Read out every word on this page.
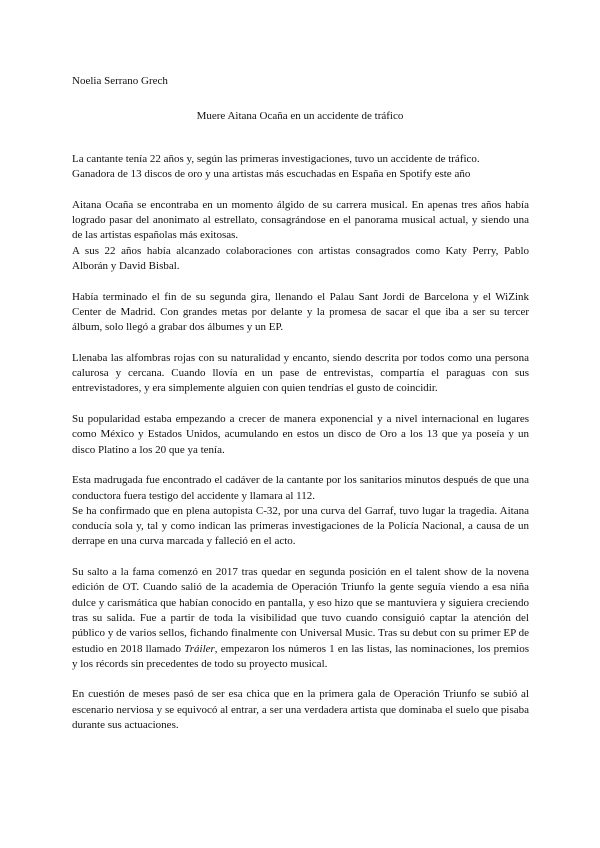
Noelia Serrano Grech
Muere Aitana Ocaña en un accidente de tráfico

La cantante tenía 22 años y, según las primeras investigaciones, tuvo un accidente de tráfico.
Ganadora de 13 discos de oro y una artistas más escuchadas en España en Spotify este año

Aitana Ocaña se encontraba en un momento álgido de su carrera musical. En apenas tres años había logrado pasar del anonimato al estrellato, consagrándose en el panorama musical actual, y siendo una de las artistas españolas más exitosas.
A sus 22 años había alcanzado colaboraciones con artistas consagrados como Katy Perry, Pablo Alborán y David Bisbal.

Había terminado el fin de su segunda gira, llenando el Palau Sant Jordi de Barcelona y el WiZink Center de Madrid. Con grandes metas por delante y la promesa de sacar el que iba a ser su tercer álbum, solo llegó a grabar dos álbumes y un EP.

Llenaba las alfombras rojas con su naturalidad y encanto, siendo descrita por todos como una persona calurosa y cercana. Cuando llovía en un pase de entrevistas, compartía el paraguas con sus entrevistadores, y era simplemente alguien con quien tendrías el gusto de coincidir.

Su popularidad estaba empezando a crecer de manera exponencial y a nivel internacional en lugares como México y Estados Unidos, acumulando en estos un disco de Oro a los 13 que ya poseía y un disco Platino a los 20 que ya tenía.

Esta madrugada fue encontrado el cadáver de la cantante por los sanitarios minutos después de que una conductora fuera testigo del accidente y llamara al 112.
Se ha confirmado que en plena autopista C-32, por una curva del Garraf, tuvo lugar la tragedia. Aitana conducía sola y, tal y como indican las primeras investigaciones de la Policía Nacional, a causa de un derrape en una curva marcada y falleció en el acto.

Su salto a la fama comenzó en 2017 tras quedar en segunda posición en el talent show de la novena edición de OT. Cuando salió de la academia de Operación Triunfo la gente seguía viendo a esa niña dulce y carismática que habían conocido en pantalla, y eso hizo que se mantuviera y siguiera creciendo tras su salida. Fue a partir de toda la visibilidad que tuvo cuando consiguió captar la atención del público y de varios sellos, fichando finalmente con Universal Music. Tras su debut con su primer EP de estudio en 2018 llamado Tráiler, empezaron los números 1 en las listas, las nominaciones, los premios y los récords sin precedentes de todo su proyecto musical.

En cuestión de meses pasó de ser esa chica que en la primera gala de Operación Triunfo se subió al escenario nerviosa y se equivocó al entrar, a ser una verdadera artista que dominaba el suelo que pisaba durante sus actuaciones.
